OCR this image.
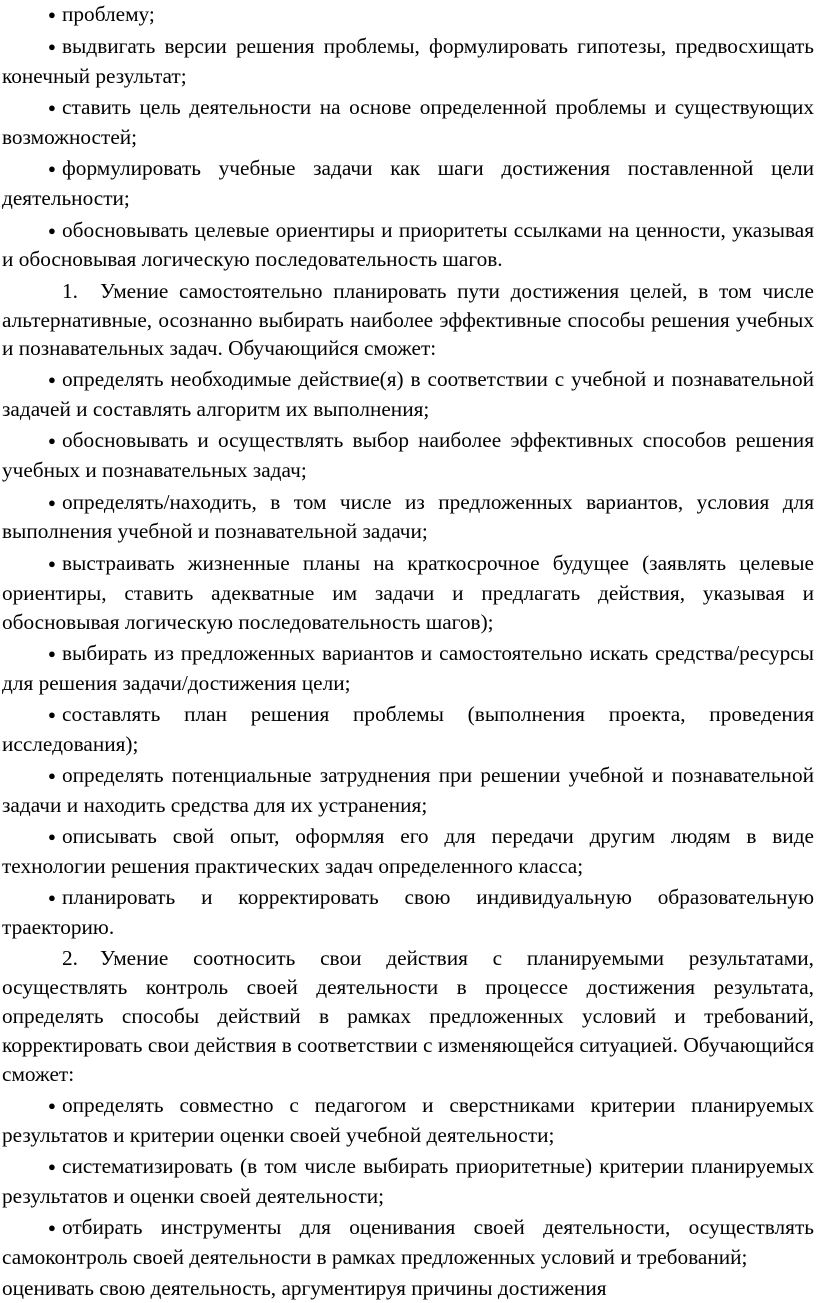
● проблему;

● выдвигать версии решения проблемы, формулировать гипотезы, предвосхищать конечный результат;

● ставить цель деятельности на основе определенной проблемы и существующих возможностей;

● формулировать учебные задачи как шаги достижения поставленной цели деятельности;

● обосновывать целевые ориентиры и приоритеты ссылками на ценности, указывая и обосновывая логическую последовательность шагов.

1. Умение самостоятельно планировать пути достижения целей, в том числе альтернативные, осознанно выбирать наиболее эффективные способы решения учебных и познавательных задач. Обучающийся сможет:

● определять необходимые действие(я) в соответствии с учебной и познавательной задачей и составлять алгоритм их выполнения;

● обосновывать и осуществлять выбор наиболее эффективных способов решения учебных и познавательных задач;

● определять/находить, в том числе из предложенных вариантов, условия для выполнения учебной и познавательной задачи;

● выстраивать жизненные планы на краткосрочное будущее (заявлять целевые ориентиры, ставить адекватные им задачи и предлагать действия, указывая и обосновывая логическую последовательность шагов);

● выбирать из предложенных вариантов и самостоятельно искать средства/ресурсы для решения задачи/достижения цели;

● составлять план решения проблемы (выполнения проекта, проведения исследования);

● определять потенциальные затруднения при решении учебной и познавательной задачи и находить средства для их устранения;

● описывать свой опыт, оформляя его для передачи другим людям в виде технологии решения практических задач определенного класса;

● планировать и корректировать свою индивидуальную образовательную траекторию.

2. Умение соотносить свои действия с планируемыми результатами, осуществлять контроль своей деятельности в процессе достижения результата, определять способы действий в рамках предложенных условий и требований, корректировать свои действия в соответствии с изменяющейся ситуацией. Обучающийся сможет:

● определять совместно с педагогом и сверстниками критерии планируемых результатов и критерии оценки своей учебной деятельности;

● систематизировать (в том числе выбирать приоритетные) критерии планируемых результатов и оценки своей деятельности;

● отбирать инструменты для оценивания своей деятельности, осуществлять самоконтроль своей деятельности в рамках предложенных условий и требований;

оценивать свою деятельность, аргументируя причины достижения
